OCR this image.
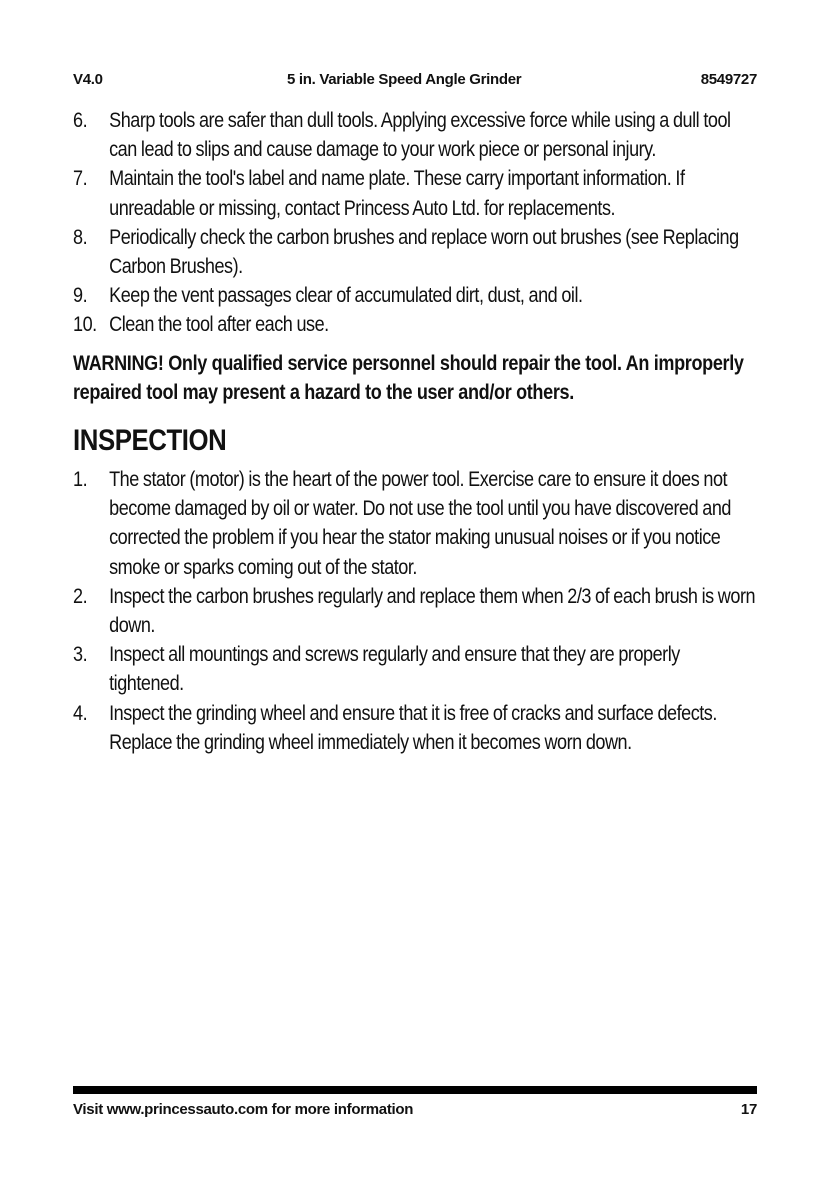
V4.0	5 in. Variable Speed Angle Grinder	8549727
6. Sharp tools are safer than dull tools. Applying excessive force while using a dull tool can lead to slips and cause damage to your work piece or personal injury.
7. Maintain the tool's label and name plate. These carry important information. If unreadable or missing, contact Princess Auto Ltd. for replacements.
8. Periodically check the carbon brushes and replace worn out brushes (see Replacing Carbon Brushes).
9. Keep the vent passages clear of accumulated dirt, dust, and oil.
10. Clean the tool after each use.

WARNING! Only qualified service personnel should repair the tool. An improperly repaired tool may present a hazard to the user and/or others.

INSPECTION
1. The stator (motor) is the heart of the power tool. Exercise care to ensure it does not become damaged by oil or water. Do not use the tool until you have discovered and corrected the problem if you hear the stator making unusual noises or if you notice smoke or sparks coming out of the stator.
2. Inspect the carbon brushes regularly and replace them when 2/3 of each brush is worn down.
3. Inspect all mountings and screws regularly and ensure that they are properly tightened.
4. Inspect the grinding wheel and ensure that it is free of cracks and surface defects. Replace the grinding wheel immediately when it becomes worn down.
Visit www.princessauto.com for more information	17
